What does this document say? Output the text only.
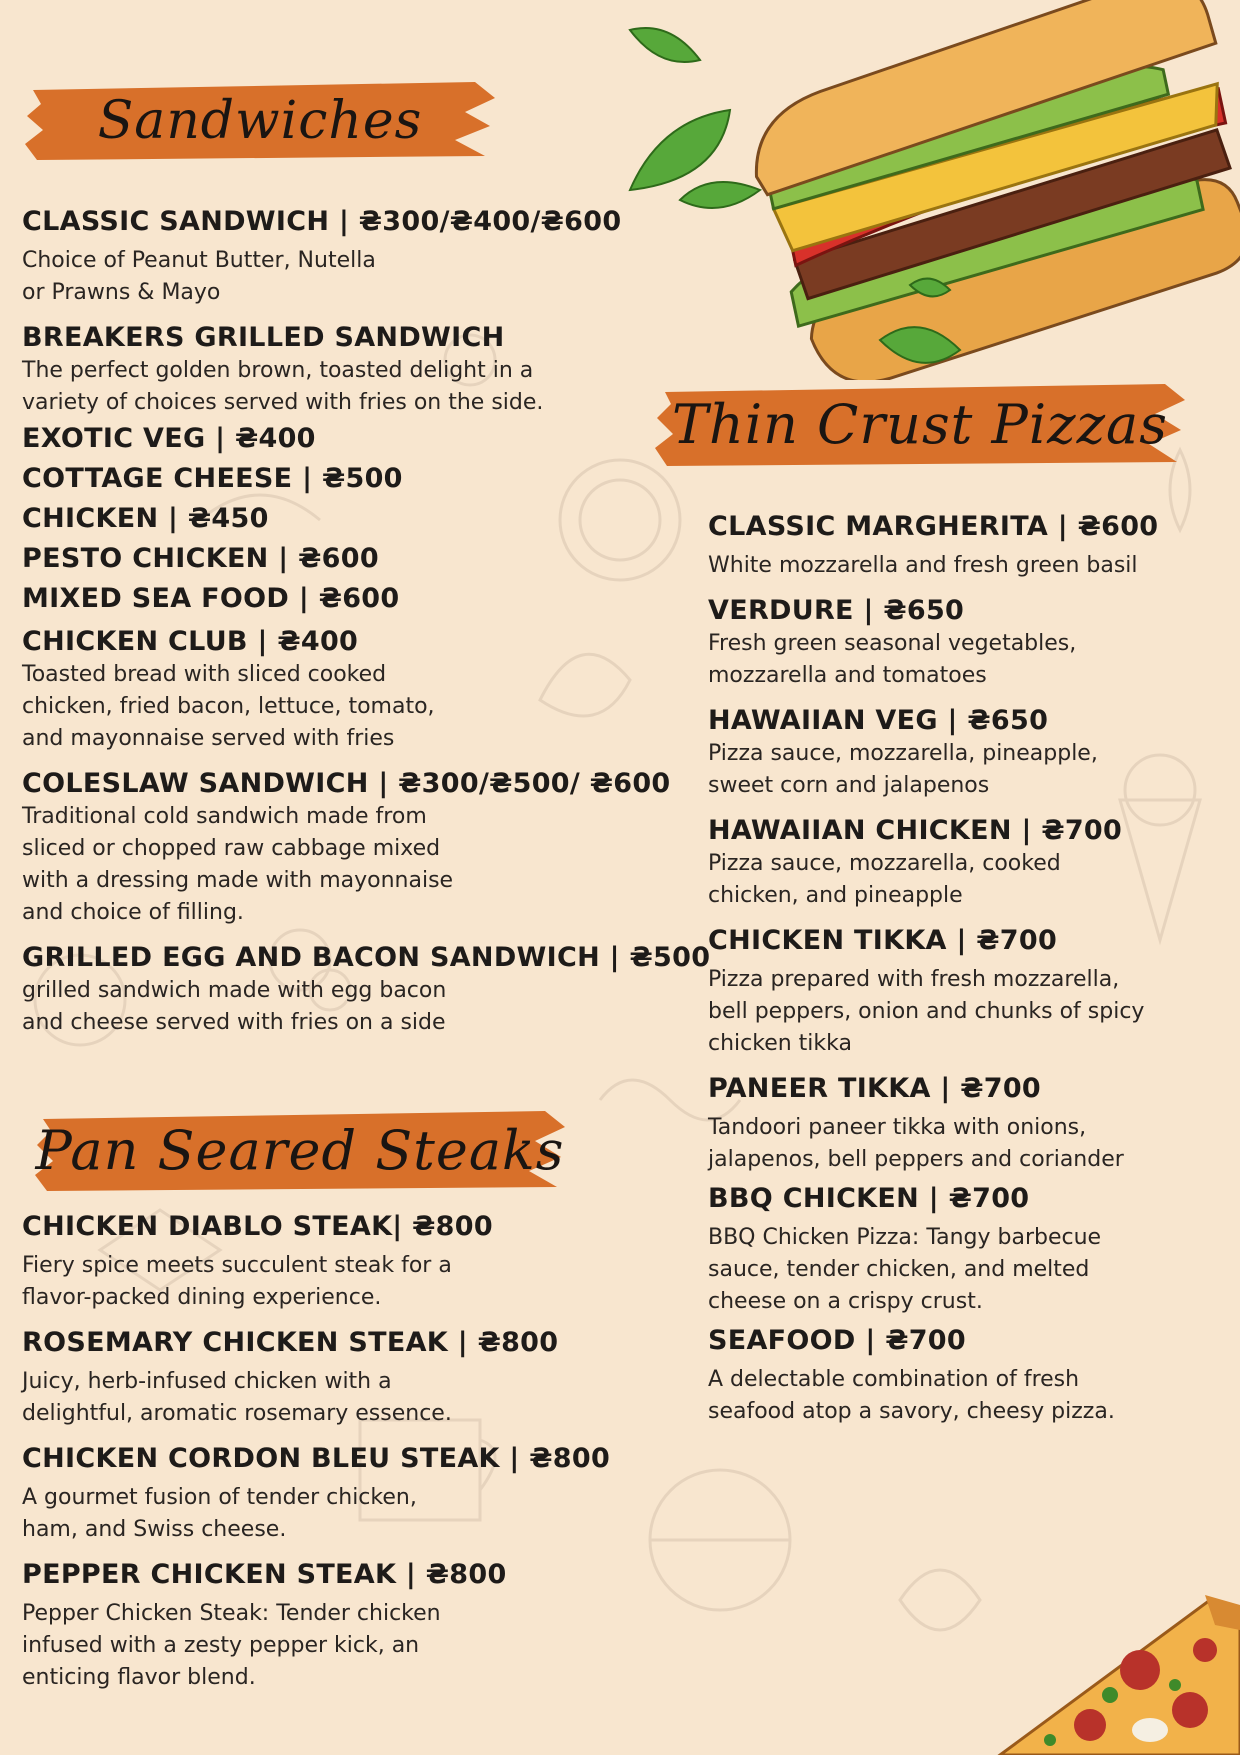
Sandwiches
Thin Crust Pizzas
Pan Seared Steaks
CLASSIC SANDWICH | ₴300/₴400/₴600
Choice of Peanut Butter, Nutella
or Prawns & Mayo
BREAKERS GRILLED SANDWICH
The perfect golden brown, toasted delight in a
variety of choices served with fries on the side.
EXOTIC VEG | ₴400
COTTAGE CHEESE | ₴500
CHICKEN | ₴450
PESTO CHICKEN | ₴600
MIXED SEA FOOD | ₴600
CHICKEN CLUB | ₴400
Toasted bread with sliced cooked
chicken, fried bacon, lettuce, tomato,
and mayonnaise served with fries
COLESLAW SANDWICH | ₴300/₴500/ ₴600
Traditional cold sandwich made from
sliced or chopped raw cabbage mixed
with a dressing made with mayonnaise
and choice of filling.
GRILLED EGG AND BACON SANDWICH | ₴500
grilled sandwich made with egg bacon
and cheese served with fries on a side
CHICKEN DIABLO STEAK| ₴800
Fiery spice meets succulent steak for a
flavor-packed dining experience.
ROSEMARY CHICKEN STEAK | ₴800
Juicy, herb-infused chicken with a
delightful, aromatic rosemary essence.
CHICKEN CORDON BLEU STEAK | ₴800
A gourmet fusion of tender chicken,
ham, and Swiss cheese.
PEPPER CHICKEN STEAK | ₴800
Pepper Chicken Steak: Tender chicken
infused with a zesty pepper kick, an
enticing flavor blend.
CLASSIC MARGHERITA | ₴600
White mozzarella and fresh green basil
VERDURE | ₴650
Fresh green seasonal vegetables,
mozzarella and tomatoes
HAWAIIAN VEG | ₴650
Pizza sauce, mozzarella, pineapple,
sweet corn and jalapenos
HAWAIIAN CHICKEN | ₴700
Pizza sauce, mozzarella, cooked
chicken, and pineapple
CHICKEN TIKKA | ₴700
Pizza prepared with fresh mozzarella,
bell peppers, onion and chunks of spicy
chicken tikka
PANEER TIKKA | ₴700
Tandoori paneer tikka with onions,
jalapenos, bell peppers and coriander
BBQ CHICKEN | ₴700
BBQ Chicken Pizza: Tangy barbecue
sauce, tender chicken, and melted
cheese on a crispy crust.
SEAFOOD | ₴700
A delectable combination of fresh
seafood atop a savory, cheesy pizza.
